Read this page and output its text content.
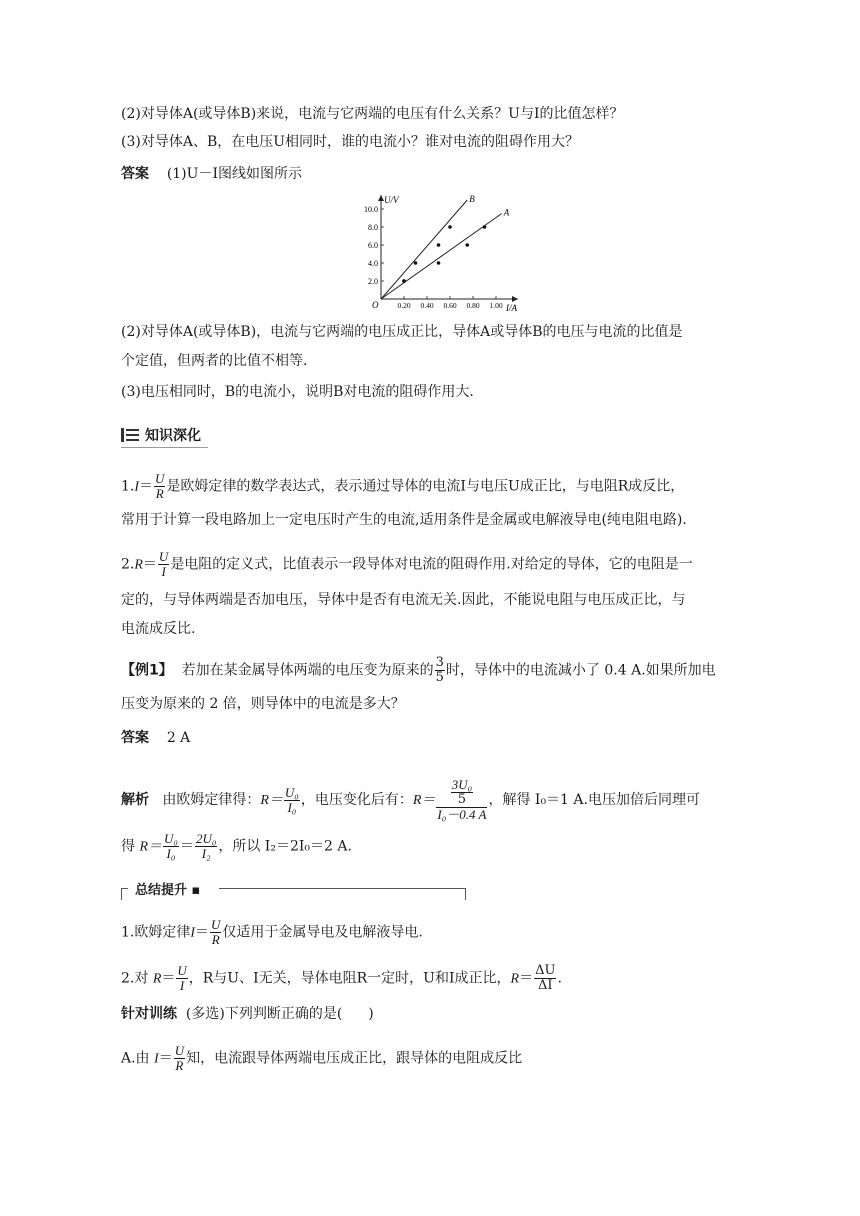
(2)对导体A(或导体B)来说，电流与它两端的电压有什么关系？U与I的比值怎样？
(3)对导体A、B，在电压U相同时，谁的电流小？谁对电流的阻碍作用大？
答案 (1)U－I图线如图所示
U/V
I/A
O
2.0
4.0
6.0
8.0
10.0
0.20 0.40 0.60 0.80 1.00
B
A
(2)对导体A(或导体B)，电流与它两端的电压成正比，导体A或导体B的电压与电流的比值是
个定值，但两者的比值不相等.
(3)电压相同时，B的电流小，说明B对电流的阻碍作用大.
知识深化
$1.I= \frac{U}{R}$ 是欧姆定律的数学表达式，表示通过导体的电流I与电压U成正比，与电阻R成反比，
常用于计算一段电路加上一定电压时产生的电流,适用条件是金属或电解液导电(纯电阻电路).
$2.R= \frac{U}{I}$ 是电阻的定义式，比值表示一段导体对电流的阻碍作用.对给定的导体，它的电阻是一
定的，与导体两端是否加电压，导体中是否有电流无关.因此，不能说电阻与电压成正比，与
电流成反比.
【例1】 若加在某金属导体两端的电压变为原来的 $\frac{3}{5}$ 时，导体中的电流减小了 0.4 A.如果所加电
压变为原来的 2 倍，则导体中的电流是多大？
答案 2 A
解析 由欧姆定律得：$R= \frac{\text{U₀}}{\text{I₀}}$ ，电压变化后有：$R= \frac{\frac{\text{3U₀}}{5}}{\text{I₀－0.4 A}}$ ，解得 I₀＝1 A.电压加倍后同理可
得 $R= \frac{\text{U₀}}{\text{I₀}} = \frac{\text{2U₀}}{\text{I₂}}$ ，所以 I₂＝2I₀＝2 A.
总结提升 ▪
1.欧姆定律$I= \frac{U}{R}$ 仅适用于金属导电及电解液导电.
2.对 $R= \frac{U}{I}$ ，R与U、I无关，导体电阻R一定时，U和I成正比，$R= \frac{\Delta U}{\Delta I}$ .
针对训练 (多选)下列判断正确的是( )
A.由 $I= \frac{U}{R}$ 知，电流跟导体两端电压成正比，跟导体的电阻成反比
